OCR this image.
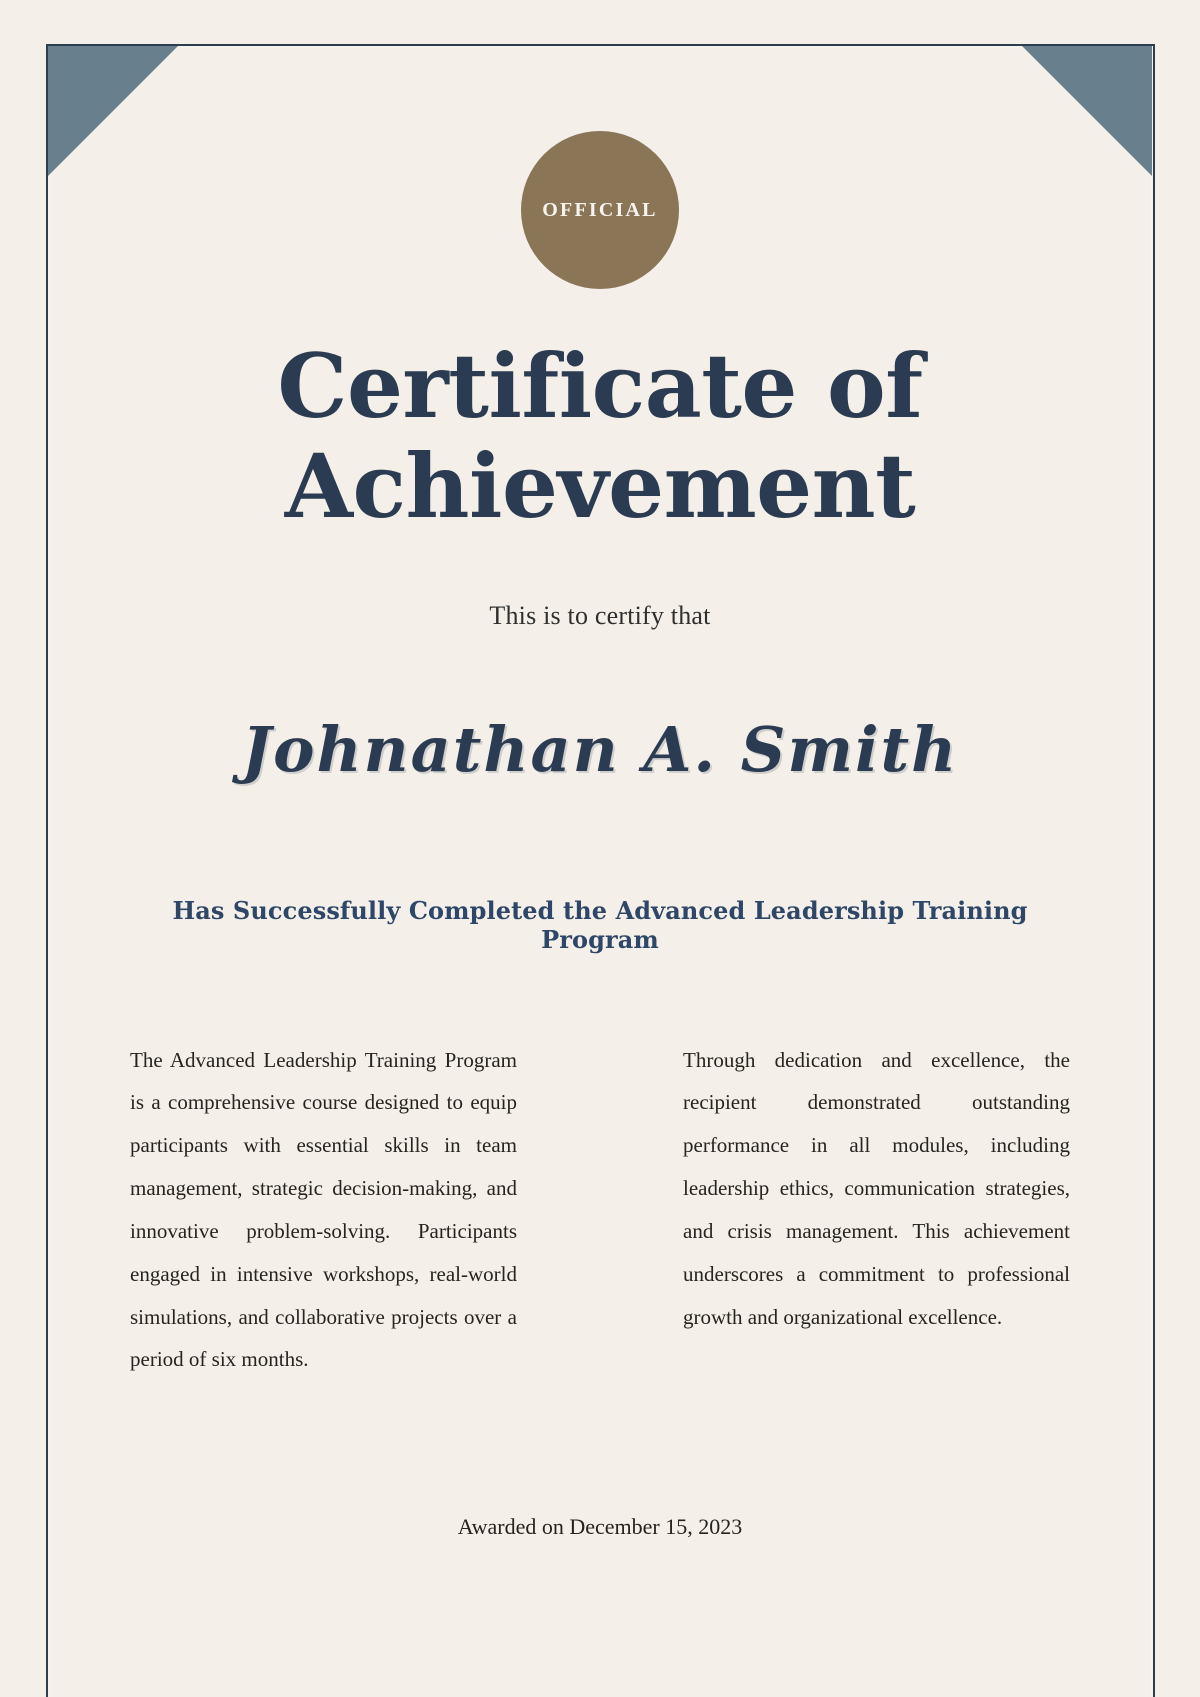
OFFICIAL
Certificate of
Achievement

This is to certify that

Johnathan A. Smith

Has Successfully Completed the Advanced Leadership Training Program

The Advanced Leadership Training Program is a comprehensive course designed to equip participants with essential skills in team management, strategic decision-making, and innovative problem-solving. Participants engaged in intensive workshops, real-world simulations, and collaborative projects over a period of six months.

Through dedication and excellence, the recipient demonstrated outstanding performance in all modules, including leadership ethics, communication strategies, and crisis management. This achievement underscores a commitment to professional growth and organizational excellence.

Awarded on December 15, 2023
